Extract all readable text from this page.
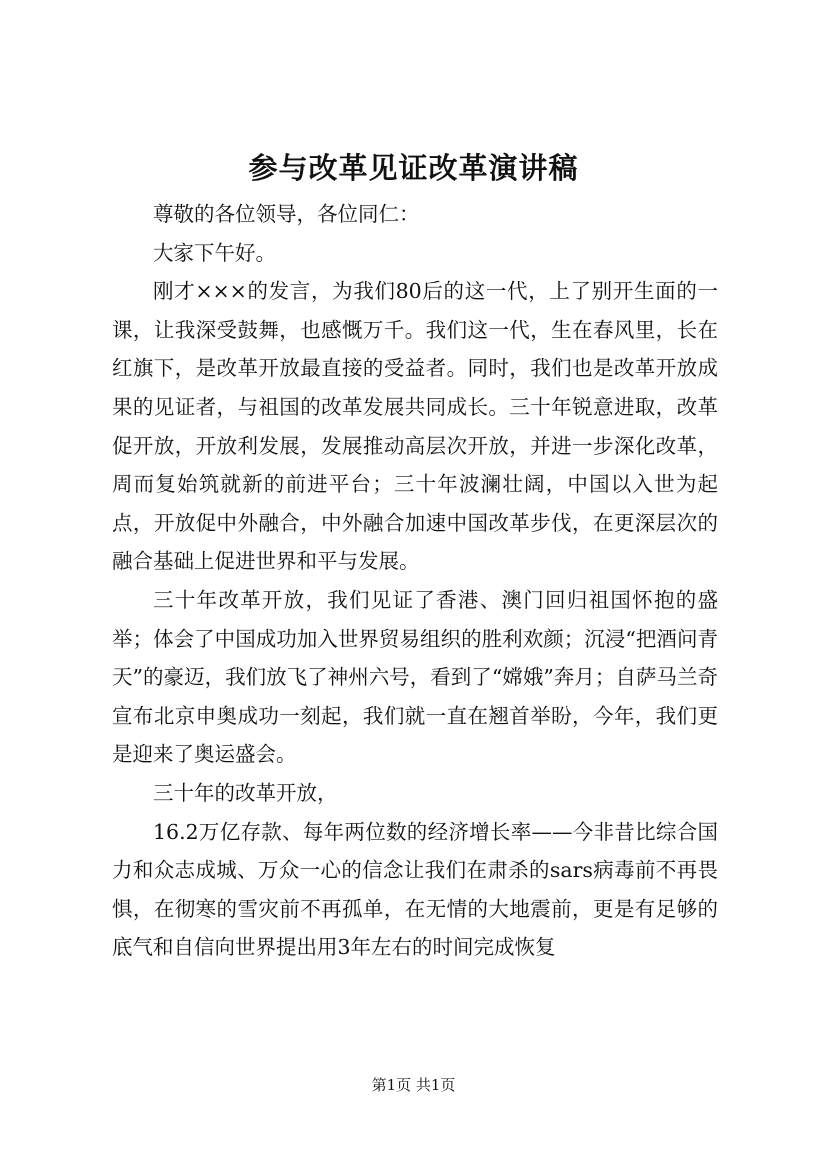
参与改革见证改革演讲稿

尊敬的各位领导，各位同仁：

大家下午好。

刚才×××的发言，为我们80后的这一代，上了别开生面的一课，让我深受鼓舞，也感慨万千。我们这一代，生在春风里，长在红旗下，是改革开放最直接的受益者。同时，我们也是改革开放成果的见证者，与祖国的改革发展共同成长。三十年锐意进取，改革促开放，开放利发展，发展推动高层次开放，并进一步深化改革，周而复始筑就新的前进平台；三十年波澜壮阔，中国以入世为起点，开放促中外融合，中外融合加速中国改革步伐，在更深层次的融合基础上促进世界和平与发展。

三十年改革开放，我们见证了香港、澳门回归祖国怀抱的盛举；体会了中国成功加入世界贸易组织的胜利欢颜；沉浸“把酒问青天”的豪迈，我们放飞了神州六号，看到了“嫦娥”奔月；自萨马兰奇宣布北京申奥成功一刻起，我们就一直在翘首举盼，今年，我们更是迎来了奥运盛会。

三十年的改革开放，

16.2万亿存款、每年两位数的经济增长率——今非昔比综合国力和众志成城、万众一心的信念让我们在肃杀的sars病毒前不再畏惧，在彻寒的雪灾前不再孤单，在无情的大地震前，更是有足够的底气和自信向世界提出用3年左右的时间完成恢复

第1页 共1页
